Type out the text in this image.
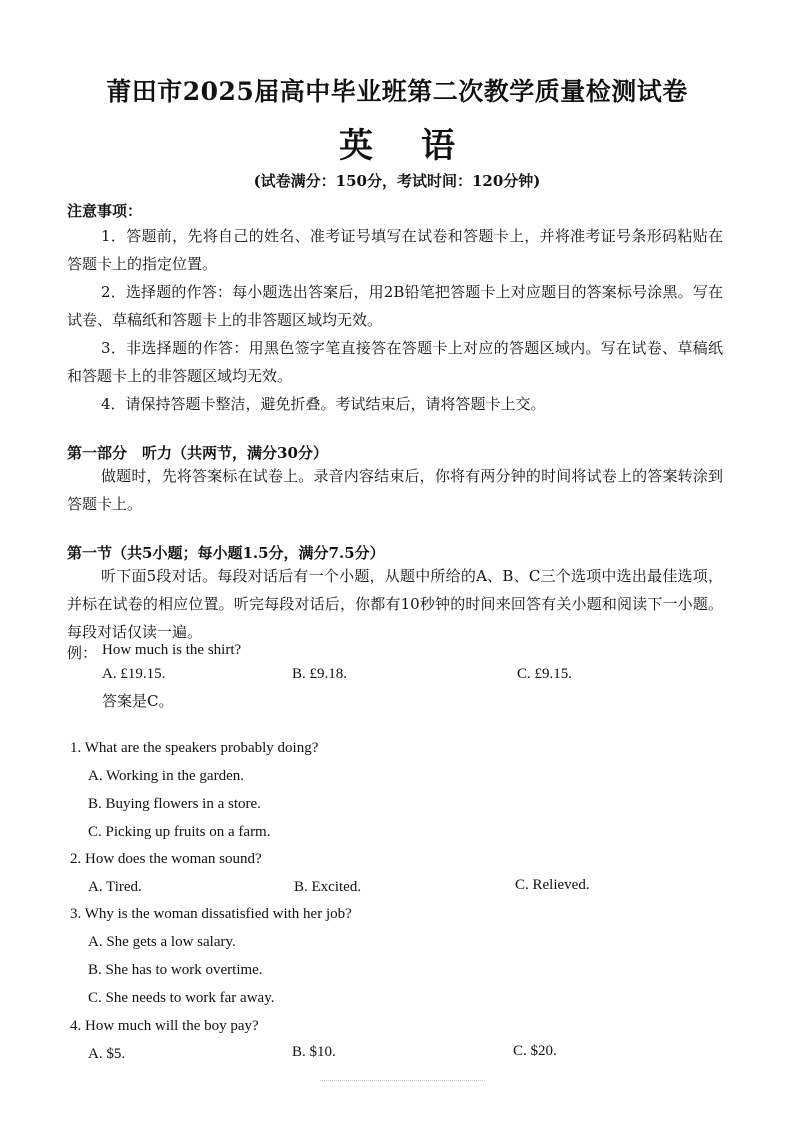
莆田市2025届高中毕业班第二次教学质量检测试卷
英 语
(试卷满分：150分，考试时间：120分钟)
注意事项：
1．答题前，先将自己的姓名、准考证号填写在试卷和答题卡上，并将准考证号条形码粘贴在答题卡上的指定位置。
2．选择题的作答：每小题选出答案后，用2B铅笔把答题卡上对应题目的答案标号涂黑。写在试卷、草稿纸和答题卡上的非答题区域均无效。
3．非选择题的作答：用黑色签字笔直接答在答题卡上对应的答题区域内。写在试卷、草稿纸和答题卡上的非答题区域均无效。
4．请保持答题卡整洁，避免折叠。考试结束后，请将答题卡上交。
第一部分　听力（共两节，满分30分）
做题时，先将答案标在试卷上。录音内容结束后，你将有两分钟的时间将试卷上的答案转涂到答题卡上。
第一节（共5小题；每小题1.5分，满分7.5分）
听下面5段对话。每段对话后有一个小题，从题中所给的A、B、C三个选项中选出最佳选项，并标在试卷的相应位置。听完每段对话后，你都有10秒钟的时间来回答有关小题和阅读下一小题。每段对话仅读一遍。
例： How much is the shirt?
A. £19.15.	B. £9.18.	C. £9.15.
答案是C。
1. What are the speakers probably doing?
A. Working in the garden.
B. Buying flowers in a store.
C. Picking up fruits on a farm.
2. How does the woman sound?
A. Tired.	B. Excited.	C. Relieved.
3. Why is the woman dissatisfied with her job?
A. She gets a low salary.
B. She has to work overtime.
C. She needs to work far away.
4. How much will the boy pay?
A. $5.	B. $10.	C. $20.
